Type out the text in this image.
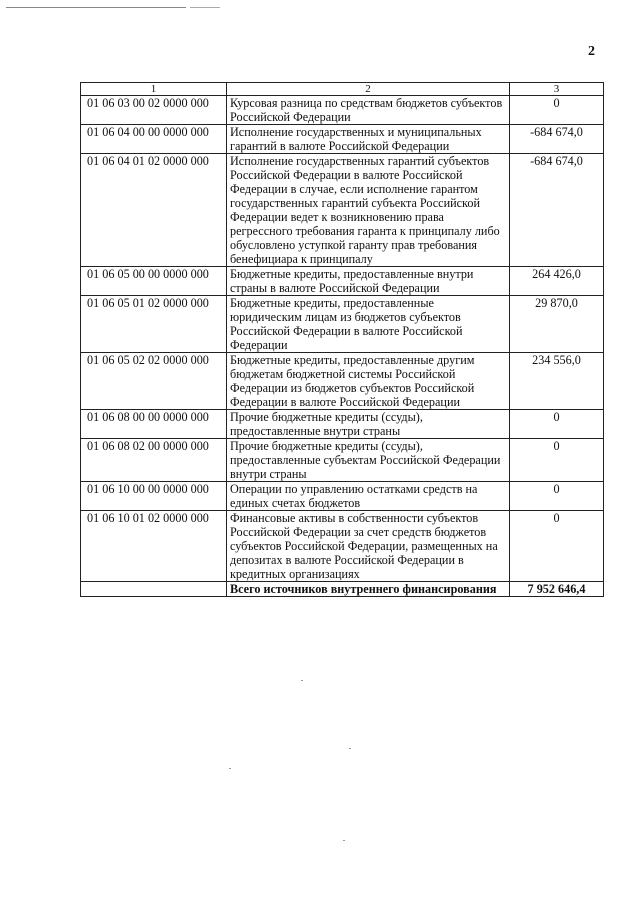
2
1	2	3
01 06 03 00 02 0000 000	Курсовая разница по средствам бюджетов субъектов Российской Федерации	0
01 06 04 00 00 0000 000	Исполнение государственных и муниципальных гарантий в валюте Российской Федерации	-684 674,0
01 06 04 01 02 0000 000	Исполнение государственных гарантий субъектов Российской Федерации в валюте Российской Федерации в случае, если исполнение гарантом государственных гарантий субъекта Российской Федерации ведет к возникновению права регрессного требования гаранта к принципалу либо обусловлено уступкой гаранту прав требования бенефициара к принципалу	-684 674,0
01 06 05 00 00 0000 000	Бюджетные кредиты, предоставленные внутри страны в валюте Российской Федерации	264 426,0
01 06 05 01 02 0000 000	Бюджетные кредиты, предоставленные юридическим лицам из бюджетов субъектов Российской Федерации в валюте Российской Федерации	29 870,0
01 06 05 02 02 0000 000	Бюджетные кредиты, предоставленные другим бюджетам бюджетной системы Российской Федерации из бюджетов субъектов Российской Федерации в валюте Российской Федерации	234 556,0
01 06 08 00 00 0000 000	Прочие бюджетные кредиты (ссуды), предоставленные внутри страны	0
01 06 08 02 00 0000 000	Прочие бюджетные кредиты (ссуды), предоставленные субъектам Российской Федерации внутри страны	0
01 06 10 00 00 0000 000	Операции по управлению остатками средств на единых счетах бюджетов	0
01 06 10 01 02 0000 000	Финансовые активы в собственности субъектов Российской Федерации за счет средств бюджетов субъектов Российской Федерации, размещенных на депозитах в валюте Российской Федерации в кредитных организациях	0
	Всего источников внутреннего финансирования	7 952 646,4
